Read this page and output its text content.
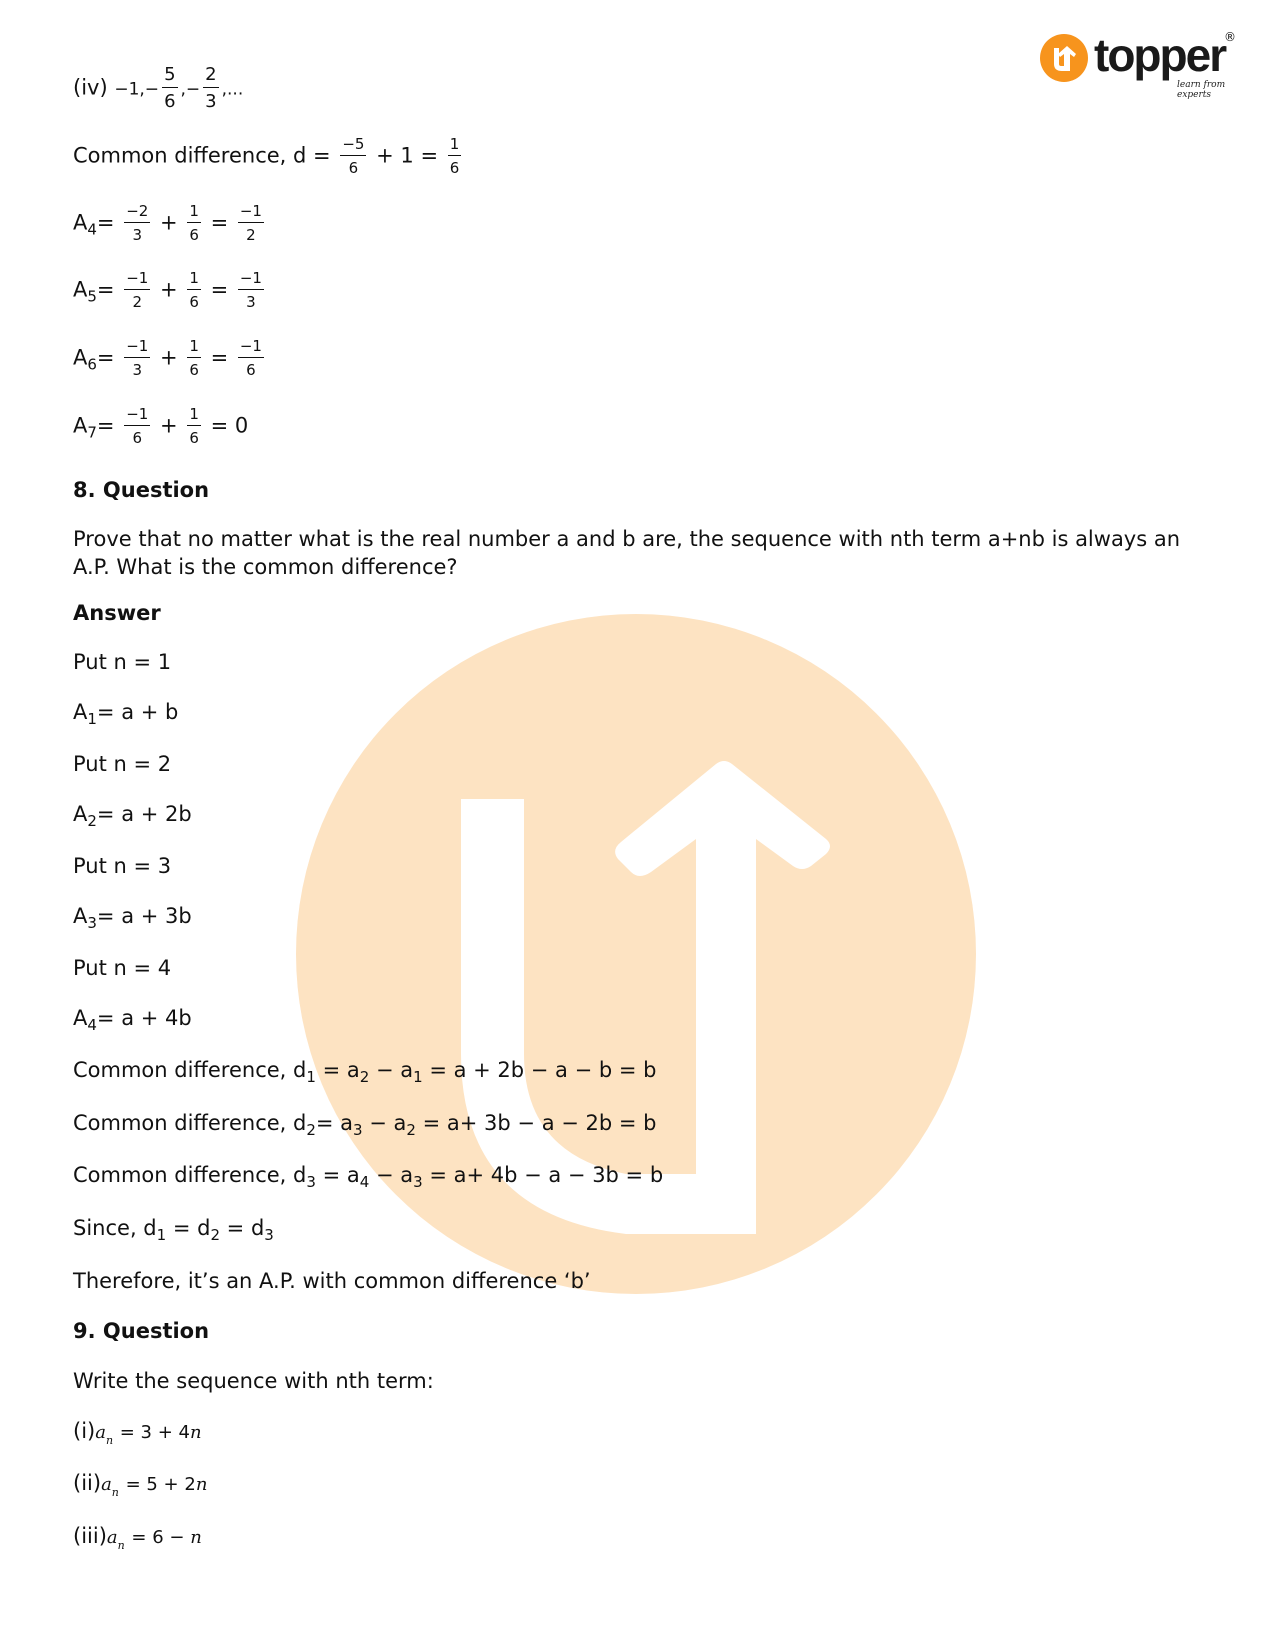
topper
®
learn from experts
$(iv) -1,- \frac{5}{6}$ ,− $\frac{2}{3}$ ,...
Common difference, $d = \frac{-5}{6} + 1 = \frac{1}{6}$
$A_4= \frac{-2}{3} + \frac{1}{6} = \frac{-1}{2}$
$A_5= \frac{-1}{2} + \frac{1}{6} = \frac{-1}{3}$
$A_6= \frac{-1}{3} + \frac{1}{6} = \frac{-1}{6}$
$A_7= \frac{-1}{6} + \frac{1}{6} = 0$
8. Question
Prove that no matter what is the real number a and b are, the sequence with nth term a+nb is always an A.P. What is the common difference?
Answer
Put n = 1
$A_1= a + b$
Put n = 2
$A_2= a + 2b$
Put n = 3
$A_3= a + 3b$
Put n = 4
$A_4= a + 4b$
Common difference, $d_1 = a_2 - a_1 = a + 2b - a - b = b$
Common difference, $d_2= a_3 - a_2 = a+ 3b - a - 2b = b$
Common difference, $d_3 = a_4 - a_3 = a+ 4b - a - 3b = b$
Since, $d_1 = d_2 = d_3$
Therefore, it’s an A.P. with common difference ‘b’
9. Question
Write the sequence with nth term:
$(i)a_n = 3 + 4n$
$(ii)a_n = 5 + 2n$
$(iii)a_n = 6 - n$
